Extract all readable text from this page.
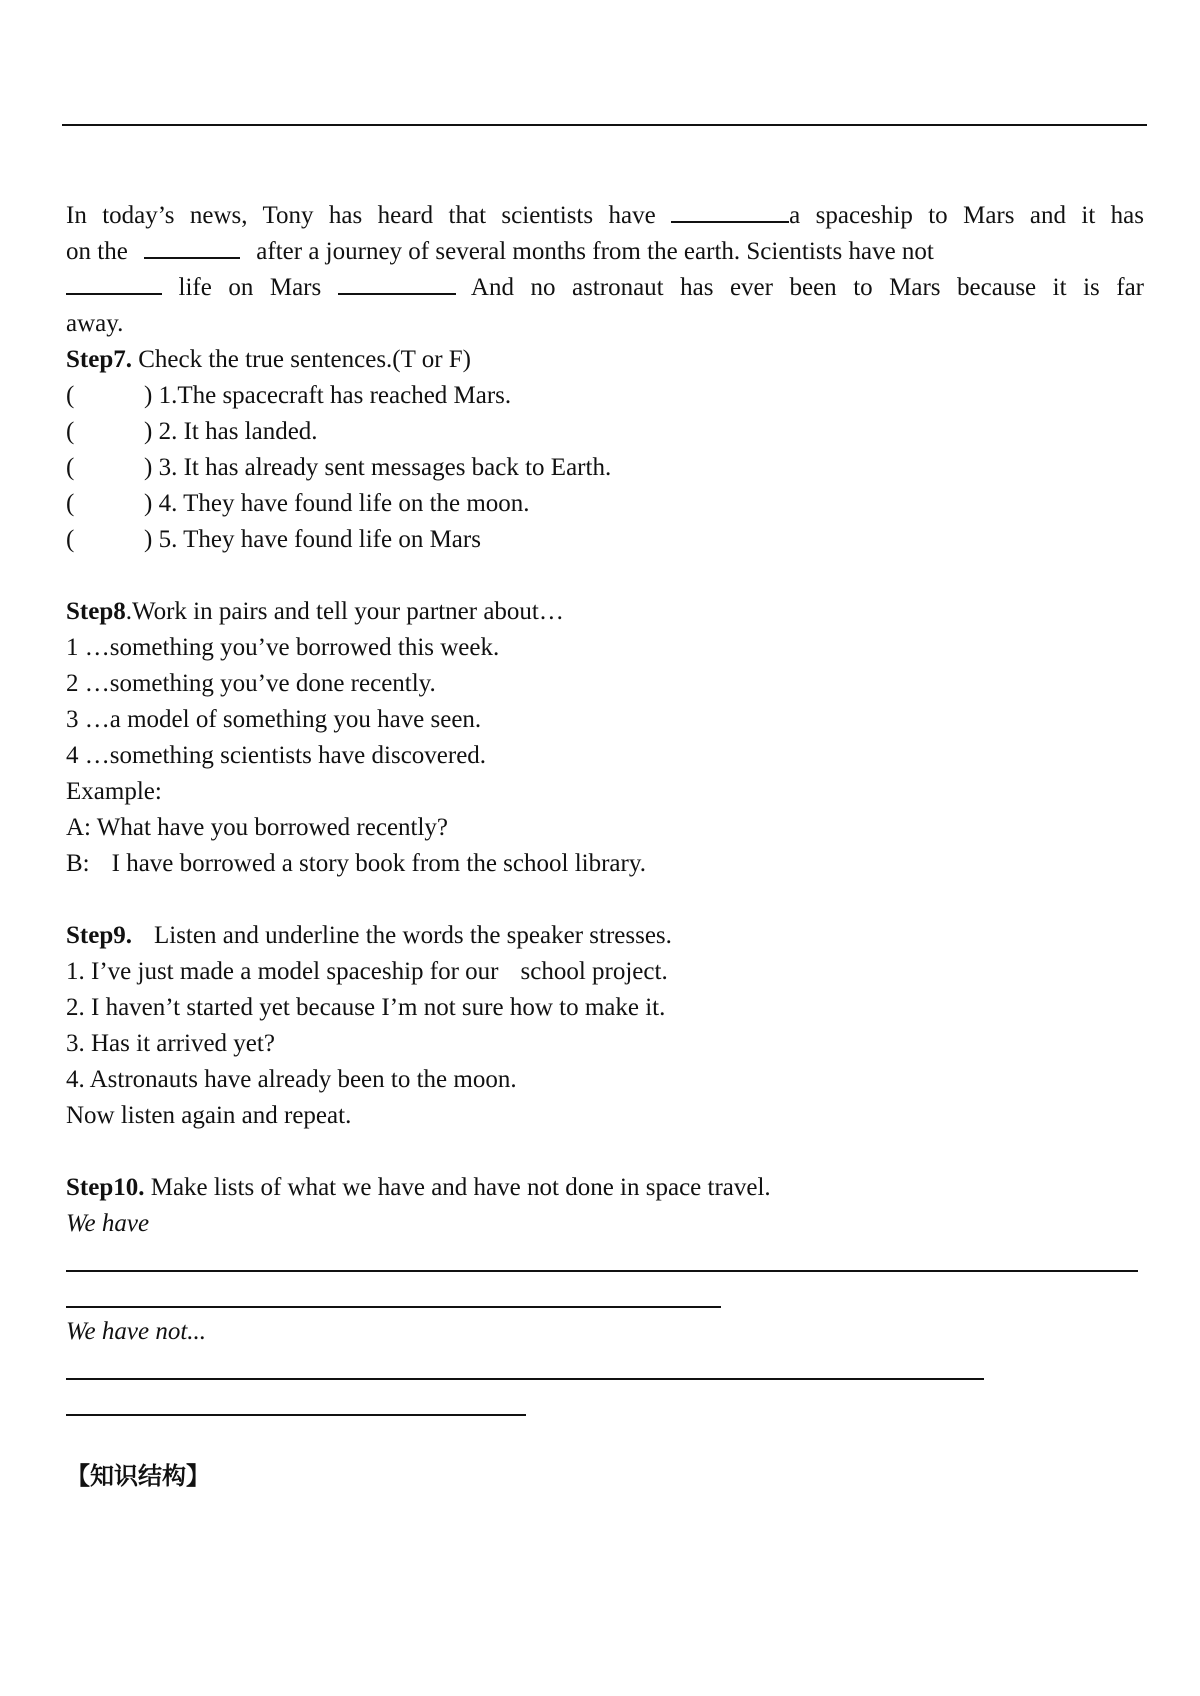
In today’s news, Tony has heard that scientists have	a spaceship to Mars and it has
on the	after a journey of several months from the earth. Scientists have not
life on Mars	And no astronaut has ever been to Mars because it is far
away.
Step7. Check the true sentences.(T or F)
(	) 1.The spacecraft has reached Mars.
(	) 2. It has landed.
(	) 3. It has already sent messages back to Earth.
(	) 4. They have found life on the moon.
(	) 5. They have found life on Mars
Step8.Work in pairs and tell your partner about…
1 …something you’ve borrowed this week.
2 …something you’ve done recently.
3 …a model of something you have seen.
4 …something scientists have discovered.
Example:
A: What have you borrowed recently?
B: I have borrowed a story book from the school library.
Step9. Listen and underline the words the speaker stresses.
1. I’ve just made a model spaceship for our school project.
2. I haven’t started yet because I’m not sure how to make it.
3. Has it arrived yet?
4. Astronauts have already been to the moon.
Now listen again and repeat.
Step10. Make lists of what we have and have not done in space travel.
We have
We have not...
【知识结构】
